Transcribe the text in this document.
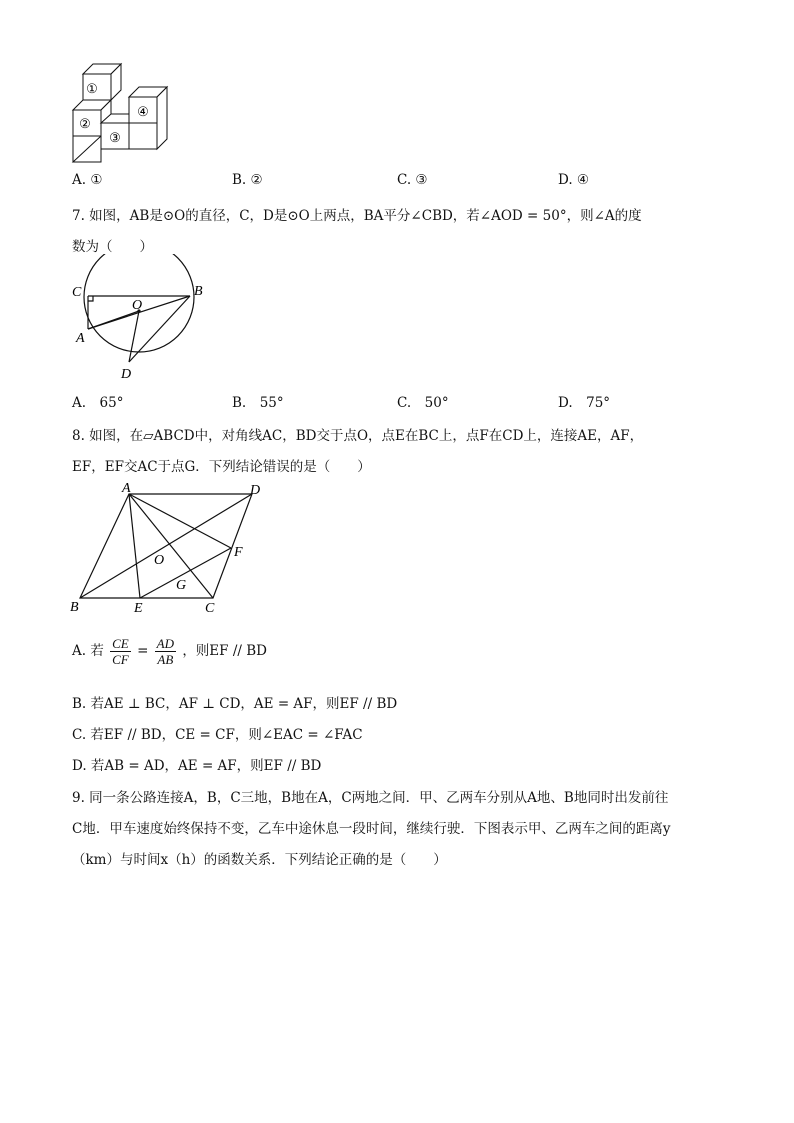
①
②
③
④
A. ①	B. ②	C. ③	D. ④
7. 如图，AB是⊙O的直径，C，D是⊙O上两点，BA平分∠CBD，若∠AOD = 50°，则∠A的度
数为（　　）
C
O
B
A
D
A.　65°	B.　55°	C.　50°	D.　75°
8. 如图，在▱ABCD中，对角线AC，BD交于点O，点E在BC上，点F在CD上，连接AE，AF，
EF，EF交AC于点G．下列结论错误的是（　　）
A	D
F
O
G
B	E	C
A. 若 $\frac{CE}{CF} = \frac{AD}{AB}$ ，则EF // BD
B. 若AE ⊥ BC，AF ⊥ CD，AE = AF，则EF // BD
C. 若EF // BD，CE = CF，则∠EAC = ∠FAC
D. 若AB = AD，AE = AF，则EF // BD
9. 同一条公路连接A，B，C三地，B地在A，C两地之间．甲、乙两车分别从A地、B地同时出发前往
C地．甲车速度始终保持不变，乙车中途休息一段时间，继续行驶．下图表示甲、乙两车之间的距离y
（km）与时间x（h）的函数关系．下列结论正确的是（　　）
